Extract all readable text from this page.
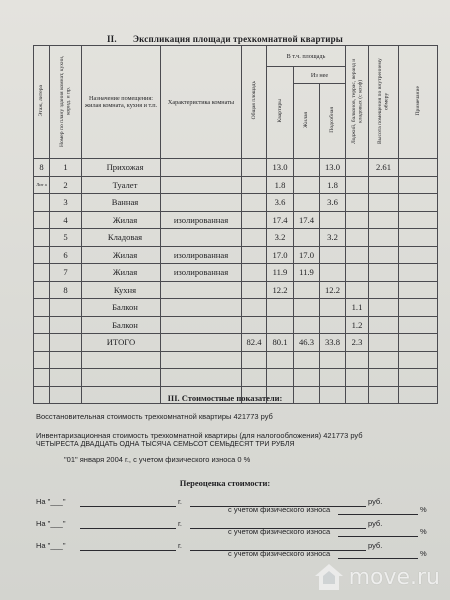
II. Экспликация площади трехкомнатной квартиры
Этаж, литера	Номер по плану здания комнат, кухни, корид. и пр.	Назначение помещения: жилая комната, кухня и т.п.	Характеристика комнаты	Общая площадь	В т.ч. площадь			Лоджий, балконов, террас, веранд и кладовых (с коэф)	Высота помещения по внутреннему обмеру	Примечание
					Квартиры	Из нее				

						Жилая	Подсобная			
8	1	Прихожая			13.0		13.0		2.61	
Лит а	2	Туалет			1.8		1.8			
	3	Ванная			3.6		3.6			
	4	Жилая	изолированная		17.4	17.4				
	5	Кладовая			3.2		3.2			
	6	Жилая	изолированная		17.0	17.0				
	7	Жилая	изолированная		11.9	11.9				
	8	Кухня			12.2		12.2			
		Балкон						1.1		
		Балкон						1.2		
		ИТОГО		82.4	80.1	46.3	33.8	2.3		

III. Стоимостные показатели:
Восстановительная стоимость трехкомнатной квартиры 421773 руб
Инвентаризационная стоимость трехкомнатной квартиры (для налогообложения) 421773 руб
ЧЕТЫРЕСТА ДВАДЦАТЬ ОДНА ТЫСЯЧА СЕМЬСОТ СЕМЬДЕСЯТ ТРИ РУБЛЯ
"01" января 2004 г., с учетом физического износа 0 %
Переоценка стоимости:
На "___"	г.	руб.
с учетом физического износа	%
На "___"	г.	руб.
с учетом физического износа	%
На "___"	г.	руб.
с учетом физического износа	%
move.ru
